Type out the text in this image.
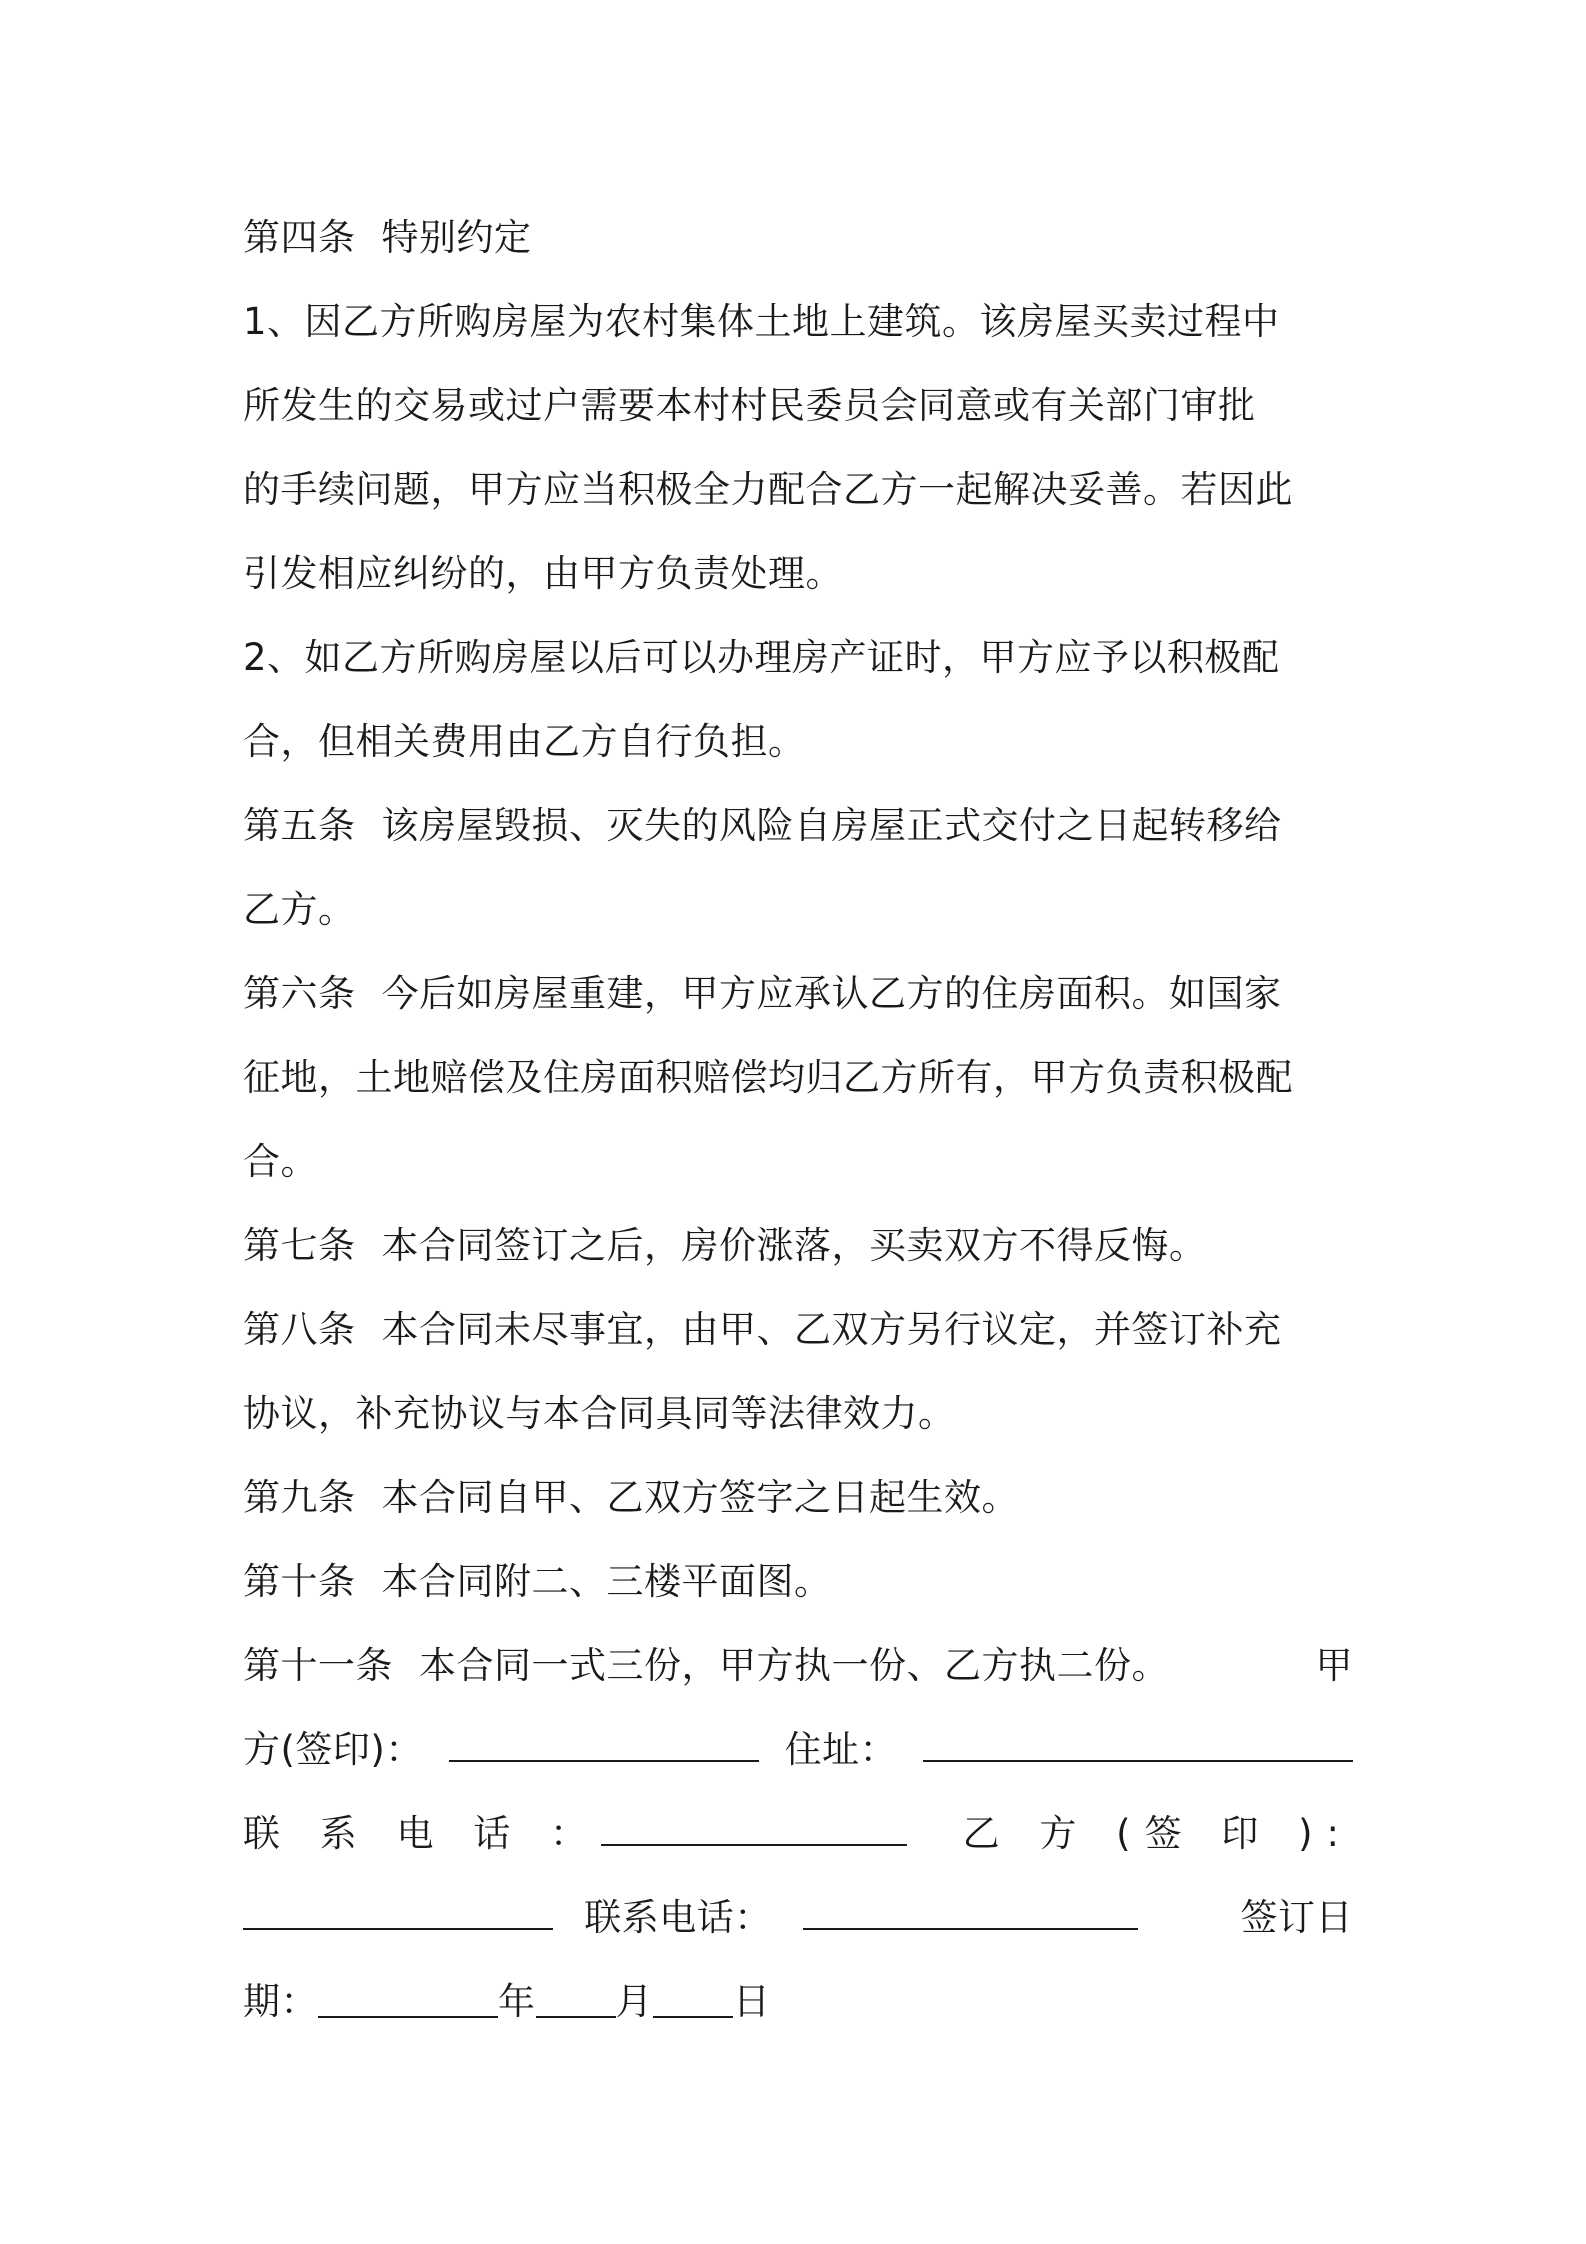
第四条 特别约定
1、因乙方所购房屋为农村集体土地上建筑。该房屋买卖过程中
所发生的交易或过户需要本村村民委员会同意或有关部门审批
的手续问题，甲方应当积极全力配合乙方一起解决妥善。若因此
引发相应纠纷的，由甲方负责处理。
2、如乙方所购房屋以后可以办理房产证时，甲方应予以积极配
合，但相关费用由乙方自行负担。
第五条 该房屋毁损、灭失的风险自房屋正式交付之日起转移给
乙方。
第六条 今后如房屋重建，甲方应承认乙方的住房面积。如国家
征地，土地赔偿及住房面积赔偿均归乙方所有，甲方负责积极配
合。
第七条 本合同签订之后，房价涨落，买卖双方不得反悔。
第八条 本合同未尽事宜，由甲、乙双方另行议定，并签订补充
协议，补充协议与本合同具同等法律效力。
第九条 本合同自甲、乙双方签字之日起生效。
第十条 本合同附二、三楼平面图。
第十一条 本合同一式三份，甲方执一份、乙方执二份。	甲
方(签印)：	住址：
联 系 电 话 ：	乙 方 (签 印 ):
联系电话：	签订日
期：	年 月 日
